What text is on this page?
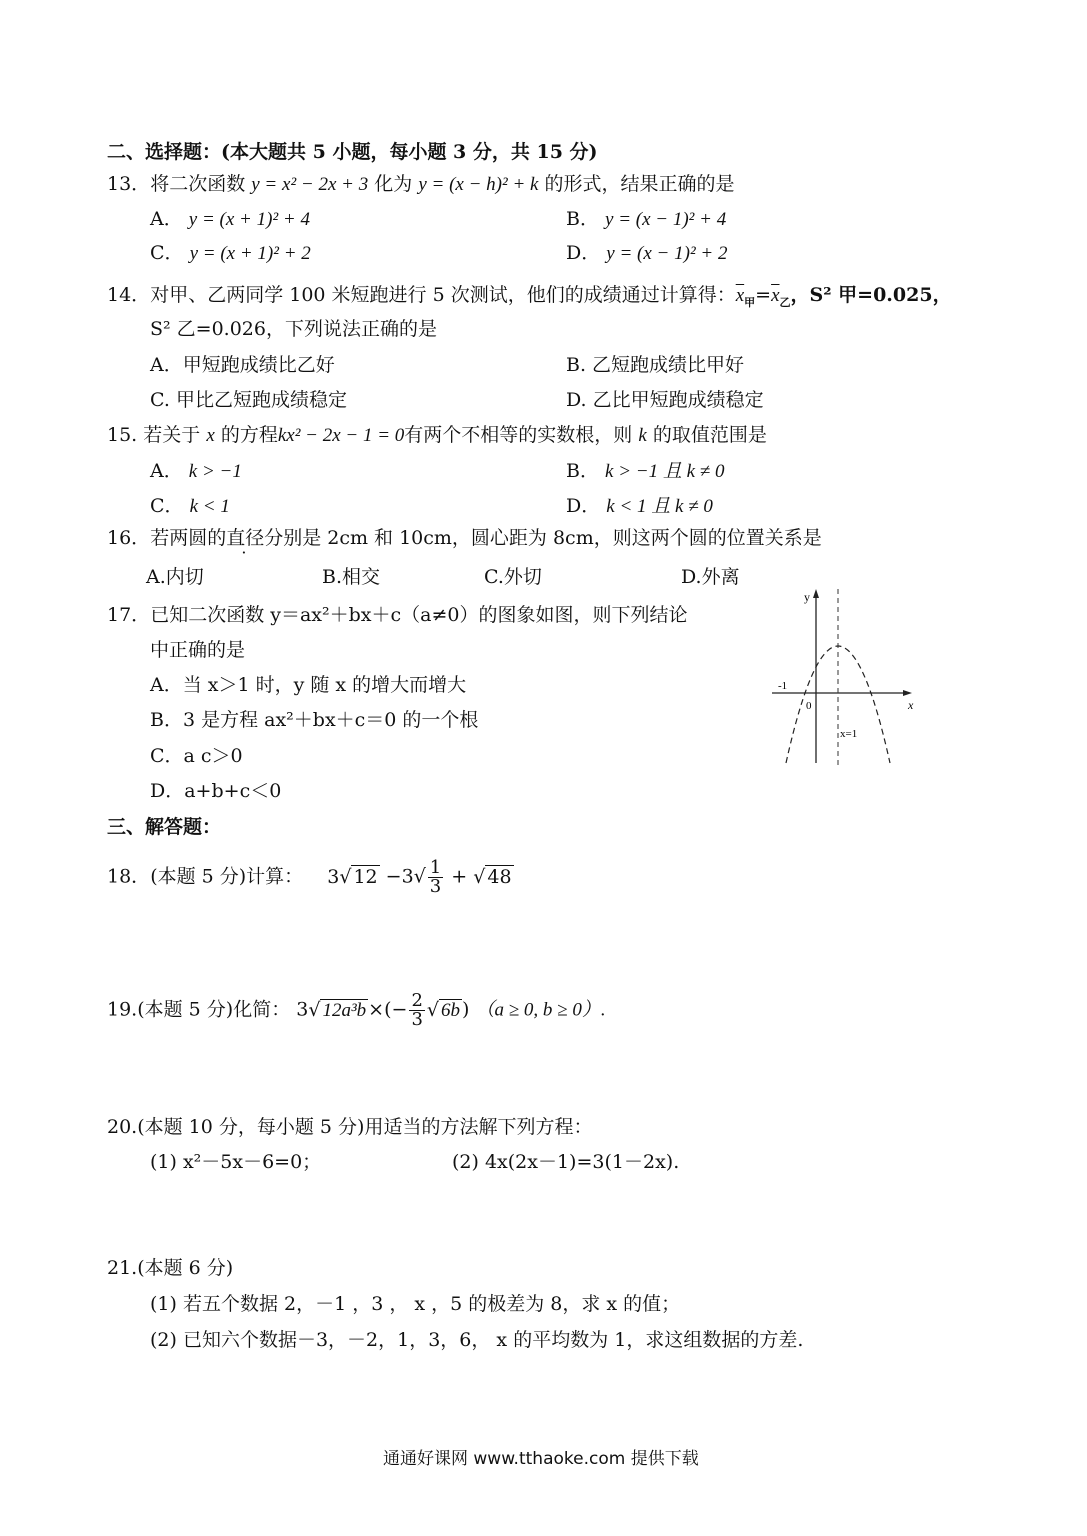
二、选择题：(本大题共 5 小题，每小题 3 分，共 15 分)
13．将二次函数 y = x² − 2x + 3 化为 y = (x − h)² + k 的形式，结果正确的是
A． y = (x + 1)² + 4	B． y = (x − 1)² + 4
C． y = (x + 1)² + 2	D． y = (x − 1)² + 2
14．对甲、乙两同学 100 米短跑进行 5 次测试，他们的成绩通过计算得：$\overline{x}_甲=\overline{x}_乙$，S² 甲=0.025，
S² 乙=0.026，下列说法正确的是
A．甲短跑成绩比乙好	B. 乙短跑成绩比甲好
C. 甲比乙短跑成绩稳定	D. 乙比甲短跑成绩稳定
15. 若关于 x 的方程kx² − 2x − 1 = 0有两个不相等的实数根，则 k 的取值范围是
A． k > −1	B． k > −1 且 k ≠ 0
C． k < 1	D． k < 1 且 k ≠ 0
16．若两圆的直径分别是 2cm 和 10cm，圆心距为 8cm，则这两个圆的位置关系是
A.内切	B.相交	C.外切	D.外离
17．已知二次函数 y＝ax²＋bx＋c（a≠0）的图象如图，则下列结论
中正确的是
A．当 x＞1 时，y 随 x 的增大而增大
B．3 是方程 ax²＋bx＋c＝0 的一个根
C．a c＞0
D．a+b+c＜0
y
x
0
-1
x=1
三、解答题：
18．(本题 5 分)计算： 3√ $12 -3√ \frac{1}{3}$ + √ 48
19.(本题 5 分)化简： 3√ 12a³b ×(− $\frac{2}{3}$ √ 6b ) （a ≥ 0, b ≥ 0）.
20.(本题 10 分，每小题 5 分)用适当的方法解下列方程：
(1) x²－5x－6=0；	(2) 4x(2x－1)=3(1－2x).
21.(本题 6 分)
(1) 若五个数据 2，－1 ，3 ， x ，5 的极差为 8，求 x 的值；
(2) 已知六个数据－3，－2，1，3，6， x 的平均数为 1，求这组数据的方差.
通通好课网 www.tthaoke.com 提供下载
